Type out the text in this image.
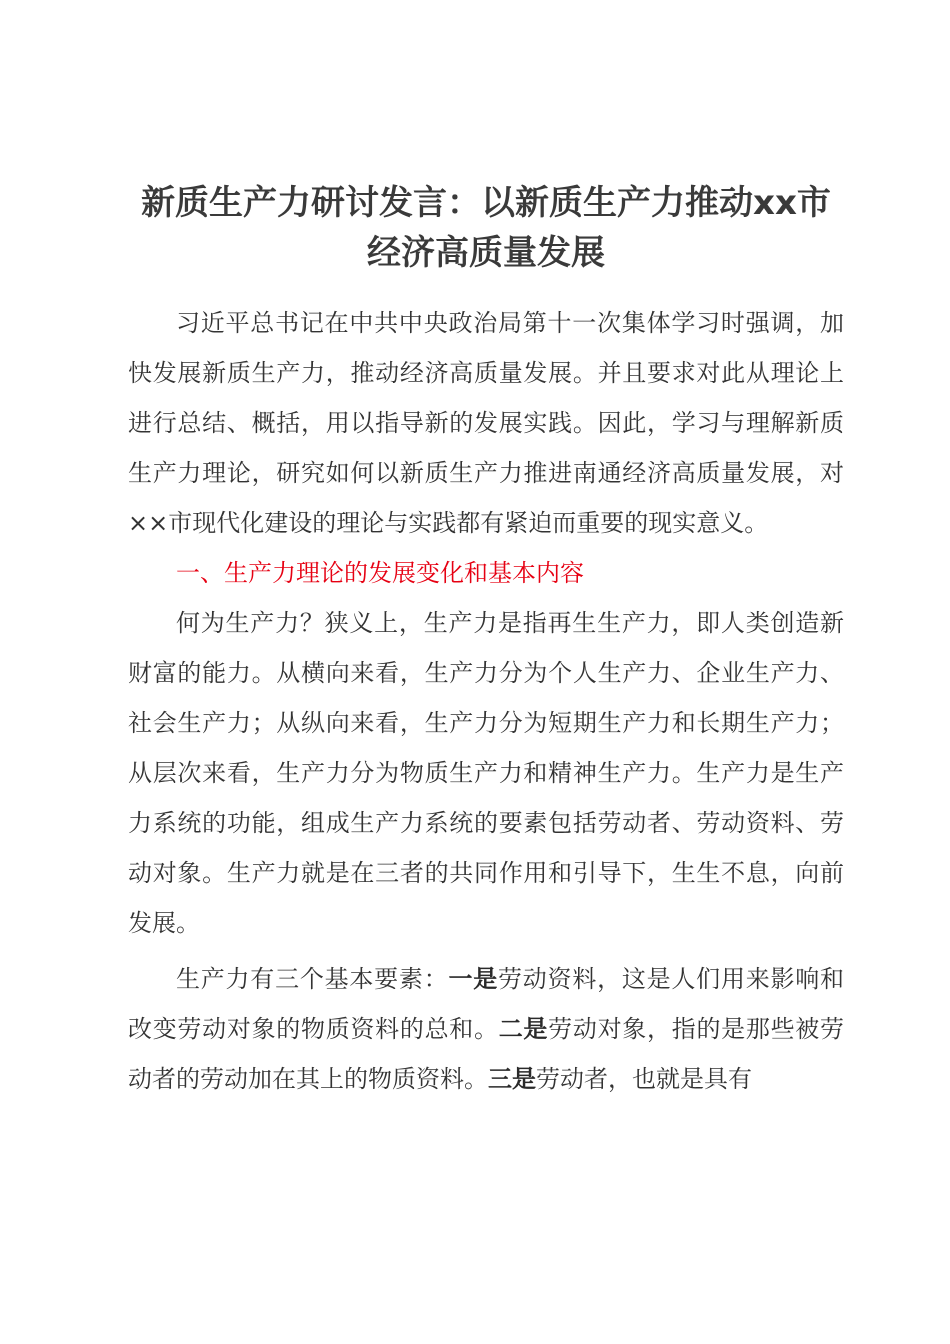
新质生产力研讨发言：以新质生产力推动xx市
经济高质量发展

习近平总书记在中共中央政治局第十一次集体学习时强调，加快发展新质生产力，推动经济高质量发展。并且要求对此从理论上进行总结、概括，用以指导新的发展实践。因此，学习与理解新质生产力理论，研究如何以新质生产力推进南通经济高质量发展，对××市现代化建设的理论与实践都有紧迫而重要的现实意义。

一、生产力理论的发展变化和基本内容

何为生产力？狭义上，生产力是指再生生产力，即人类创造新财富的能力。从横向来看，生产力分为个人生产力、企业生产力、社会生产力；从纵向来看，生产力分为短期生产力和长期生产力；从层次来看，生产力分为物质生产力和精神生产力。生产力是生产力系统的功能，组成生产力系统的要素包括劳动者、劳动资料、劳动对象。生产力就是在三者的共同作用和引导下，生生不息，向前发展。

生产力有三个基本要素：一是劳动资料，这是人们用来影响和改变劳动对象的物质资料的总和。二是劳动对象，指的是那些被劳动者的劳动加在其上的物质资料。三是劳动者，也就是具有
